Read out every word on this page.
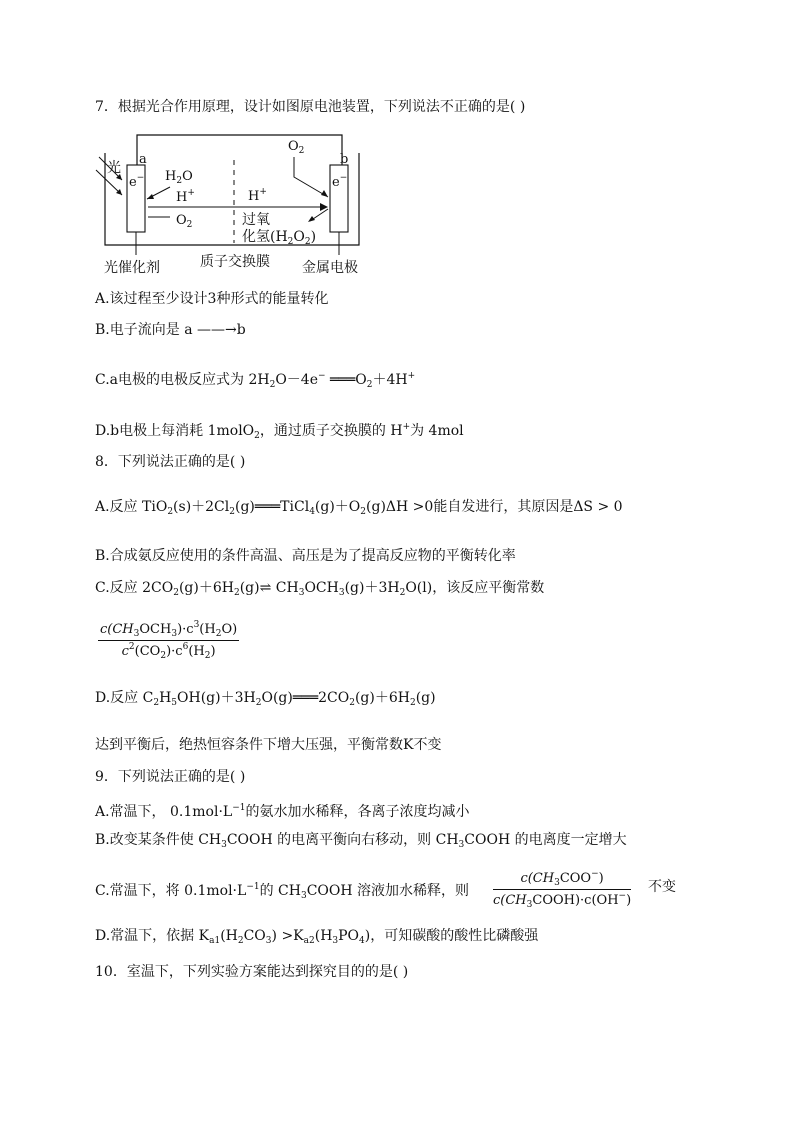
7．根据光合作用原理，设计如图原电池装置，下列说法不正确的是( )
光
a	b
e−	e−
$H_2O$
H+
$O_2$
H+
$O_2$
过氧
化氢$(H_2O_2)$
光催化剂	质子交换膜 金属电极
A.该过程至少设计3种形式的能量转化
B.电子流向是 a ——→b
C.a电极的电极反应式为 $2H_2O-4e^-$ $═══O_2+4H^+$
D.b电极上每消耗 1molO$_2$，通过质子交换膜的 H+为 4mol
8．下列说法正确的是( )
A.反应 $TiO_2(s)+2Cl_2(g)═══TiCl_4(g)+O_2(g)\Delta H >0$能自发进行，其原因是ΔS > 0
B.合成氨反应使用的条件高温、高压是为了提高反应物的平衡转化率
C.反应 $2CO_2(g)+6H_2(g)\rightleftharpoons$ $CH_3OCH_3(g)+3H_2O(l)$，该反应平衡常数
$c(CH_3OCH_3)\cdot c^3(H_2O)$
$c^2(CO_2)\cdot c^6(H_2)$
D.反应 $C_2H_5OH(g)+3H_2O(g)═══2CO_2(g)+6H_2(g)$
达到平衡后，绝热恒容条件下增大压强，平衡常数K不变
9．下列说法正确的是( )
A.常温下， $0.1mol\cdot L^{-1}$的氨水加水稀释，各离子浓度均减小
B.改变某条件使 $CH_3COOH$ 的电离平衡向右移动，则 $CH_3COOH$ 的电离度一定增大
C.常温下，将 $0.1mol\cdot L^{-1}$的 $CH_3COOH$ 溶液加水稀释，则
$c(CH_3COO^-)$
$c(CH_3COOH)\cdot c(OH^-)$
不变
D.常温下，依据 $K_{a1}(H_2CO_3) >K_{a2}(H_3PO_4)$，可知碳酸的酸性比磷酸强
10．室温下，下列实验方案能达到探究目的的是( )
